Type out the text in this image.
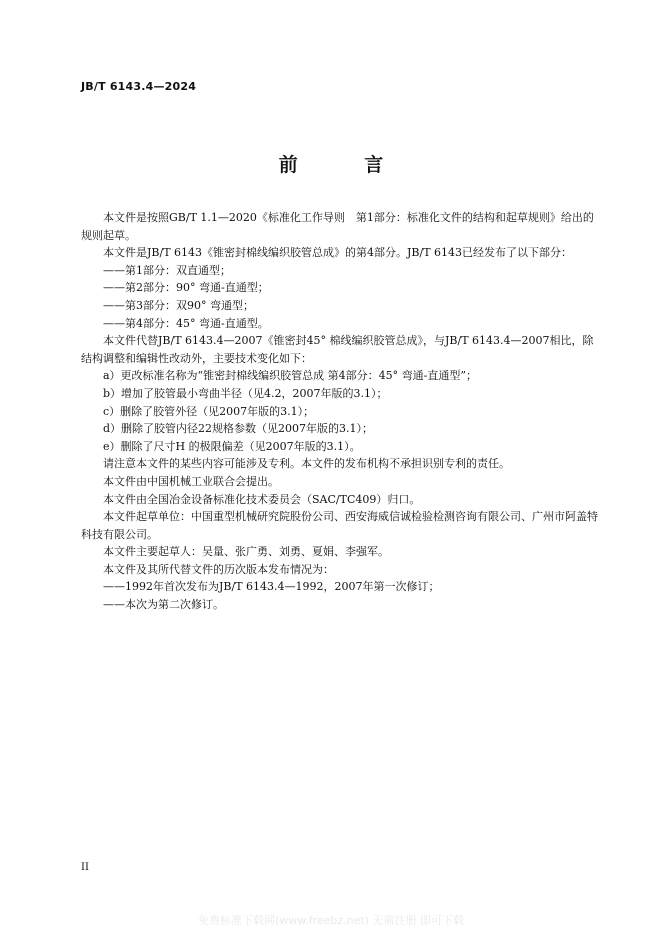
JB/T 6143.4—2024
前 言

本文件是按照GB/T 1.1—2020《标准化工作导则　第1部分：标准化文件的结构和起草规则》给出的规则起草。

本文件是JB/T 6143《锥密封棉线编织胶管总成》的第4部分。JB/T 6143已经发布了以下部分：

——第1部分：双直通型；

——第2部分：90° 弯通-直通型；

——第3部分：双90° 弯通型；

——第4部分：45° 弯通-直通型。

本文件代替JB/T 6143.4—2007《锥密封45° 棉线编织胶管总成》，与JB/T 6143.4—2007相比，除结构调整和编辑性改动外，主要技术变化如下：

a）更改标准名称为“锥密封棉线编织胶管总成 第4部分：45° 弯通-直通型”；

b）增加了胶管最小弯曲半径（见4.2，2007年版的3.1）；

c）删除了胶管外径（见2007年版的3.1）；

d）删除了胶管内径22规格参数（见2007年版的3.1）；

e）删除了尺寸H 的极限偏差（见2007年版的3.1）。

请注意本文件的某些内容可能涉及专利。本文件的发布机构不承担识别专利的责任。

本文件由中国机械工业联合会提出。

本文件由全国冶金设备标准化技术委员会（SAC/TC409）归口。

本文件起草单位：中国重型机械研究院股份公司、西安海威信诚检验检测咨询有限公司、广州市阿盖特科技有限公司。

本文件主要起草人：吴量、张广勇、刘勇、夏娟、李强军。

本文件及其所代替文件的历次版本发布情况为：

——1992年首次发布为JB/T 6143.4—1992，2007年第一次修订；

——本次为第二次修订。

II
免费标准下载网(www.freebz.net) 无需注册 即可下载
